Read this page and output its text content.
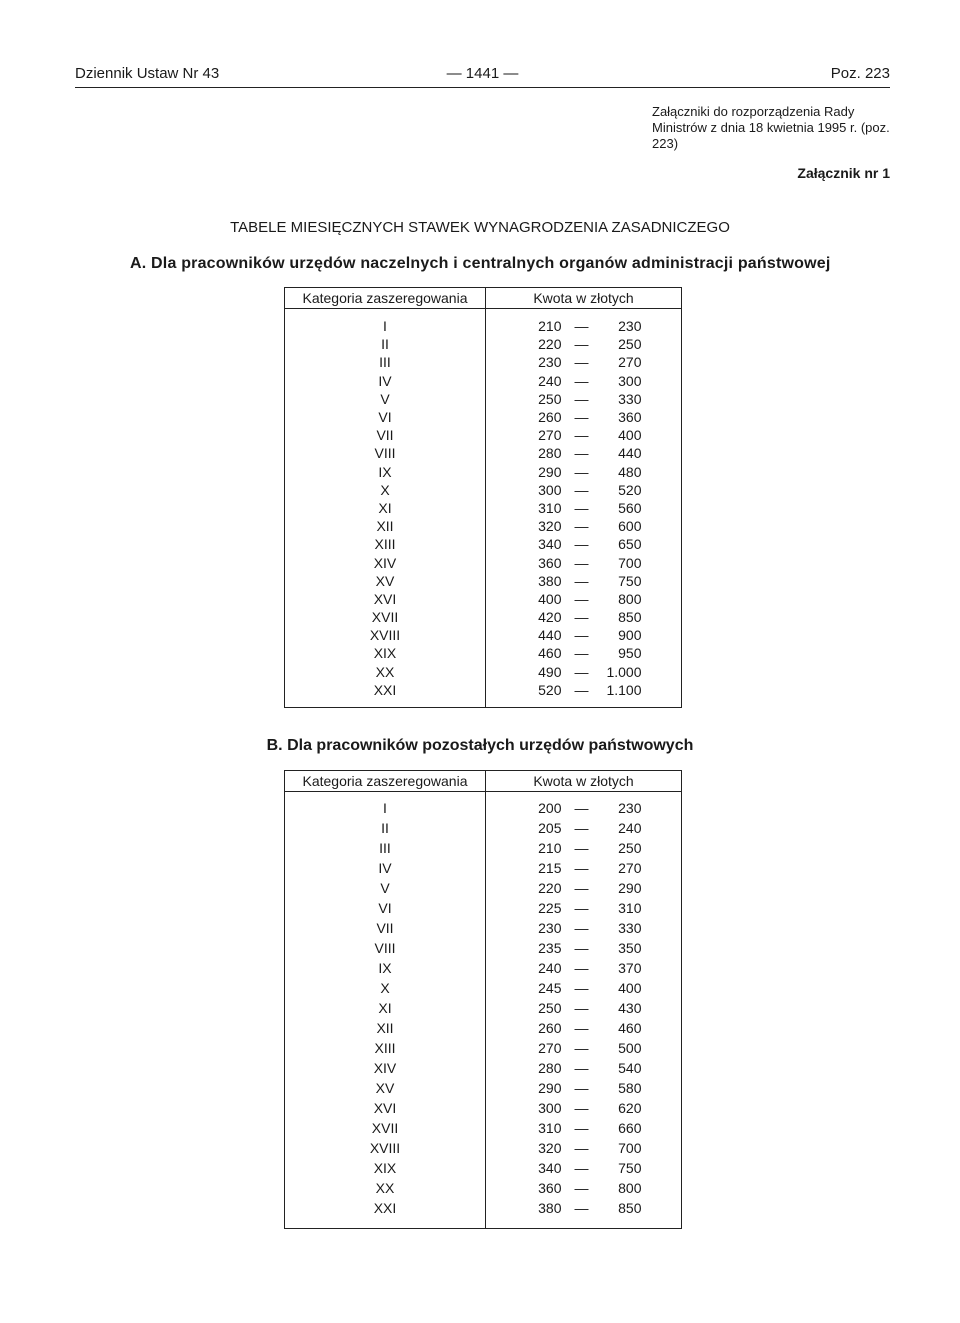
Dziennik Ustaw Nr 43	— 1441 —	Poz. 223
Załączniki do rozporządzenia Rady Ministrów z dnia 18 kwietnia 1995 r. (poz. 223)
Załącznik nr 1
TABELE MIESIĘCZNYCH STAWEK WYNAGRODZENIA ZASADNICZEGO
A. Dla pracowników urzędów naczelnych i centralnych organów administracji państwowej
Kategoria zaszeregowania	Kwota w złotych
I	210 — 230
II	220 — 250
III	230 — 270
IV	240 — 300
V	250 — 330
VI	260 — 360
VII	270 — 400
VIII	280 — 440
IX	290 — 480
X	300 — 520
XI	310 — 560
XII	320 — 600
XIII	340 — 650
XIV	360 — 700
XV	380 — 750
XVI	400 — 800
XVII	420 — 850
XVIII	440 — 900
XIX	460 — 950
XX	490 — 1.000
XXI	520 — 1.100
B. Dla pracowników pozostałych urzędów państwowych
Kategoria zaszeregowania	Kwota w złotych
I	200 — 230
II	205 — 240
III	210 — 250
IV	215 — 270
V	220 — 290
VI	225 — 310
VII	230 — 330
VIII	235 — 350
IX	240 — 370
X	245 — 400
XI	250 — 430
XII	260 — 460
XIII	270 — 500
XIV	280 — 540
XV	290 — 580
XVI	300 — 620
XVII	310 — 660
XVIII	320 — 700
XIX	340 — 750
XX	360 — 800
XXI	380 — 850
